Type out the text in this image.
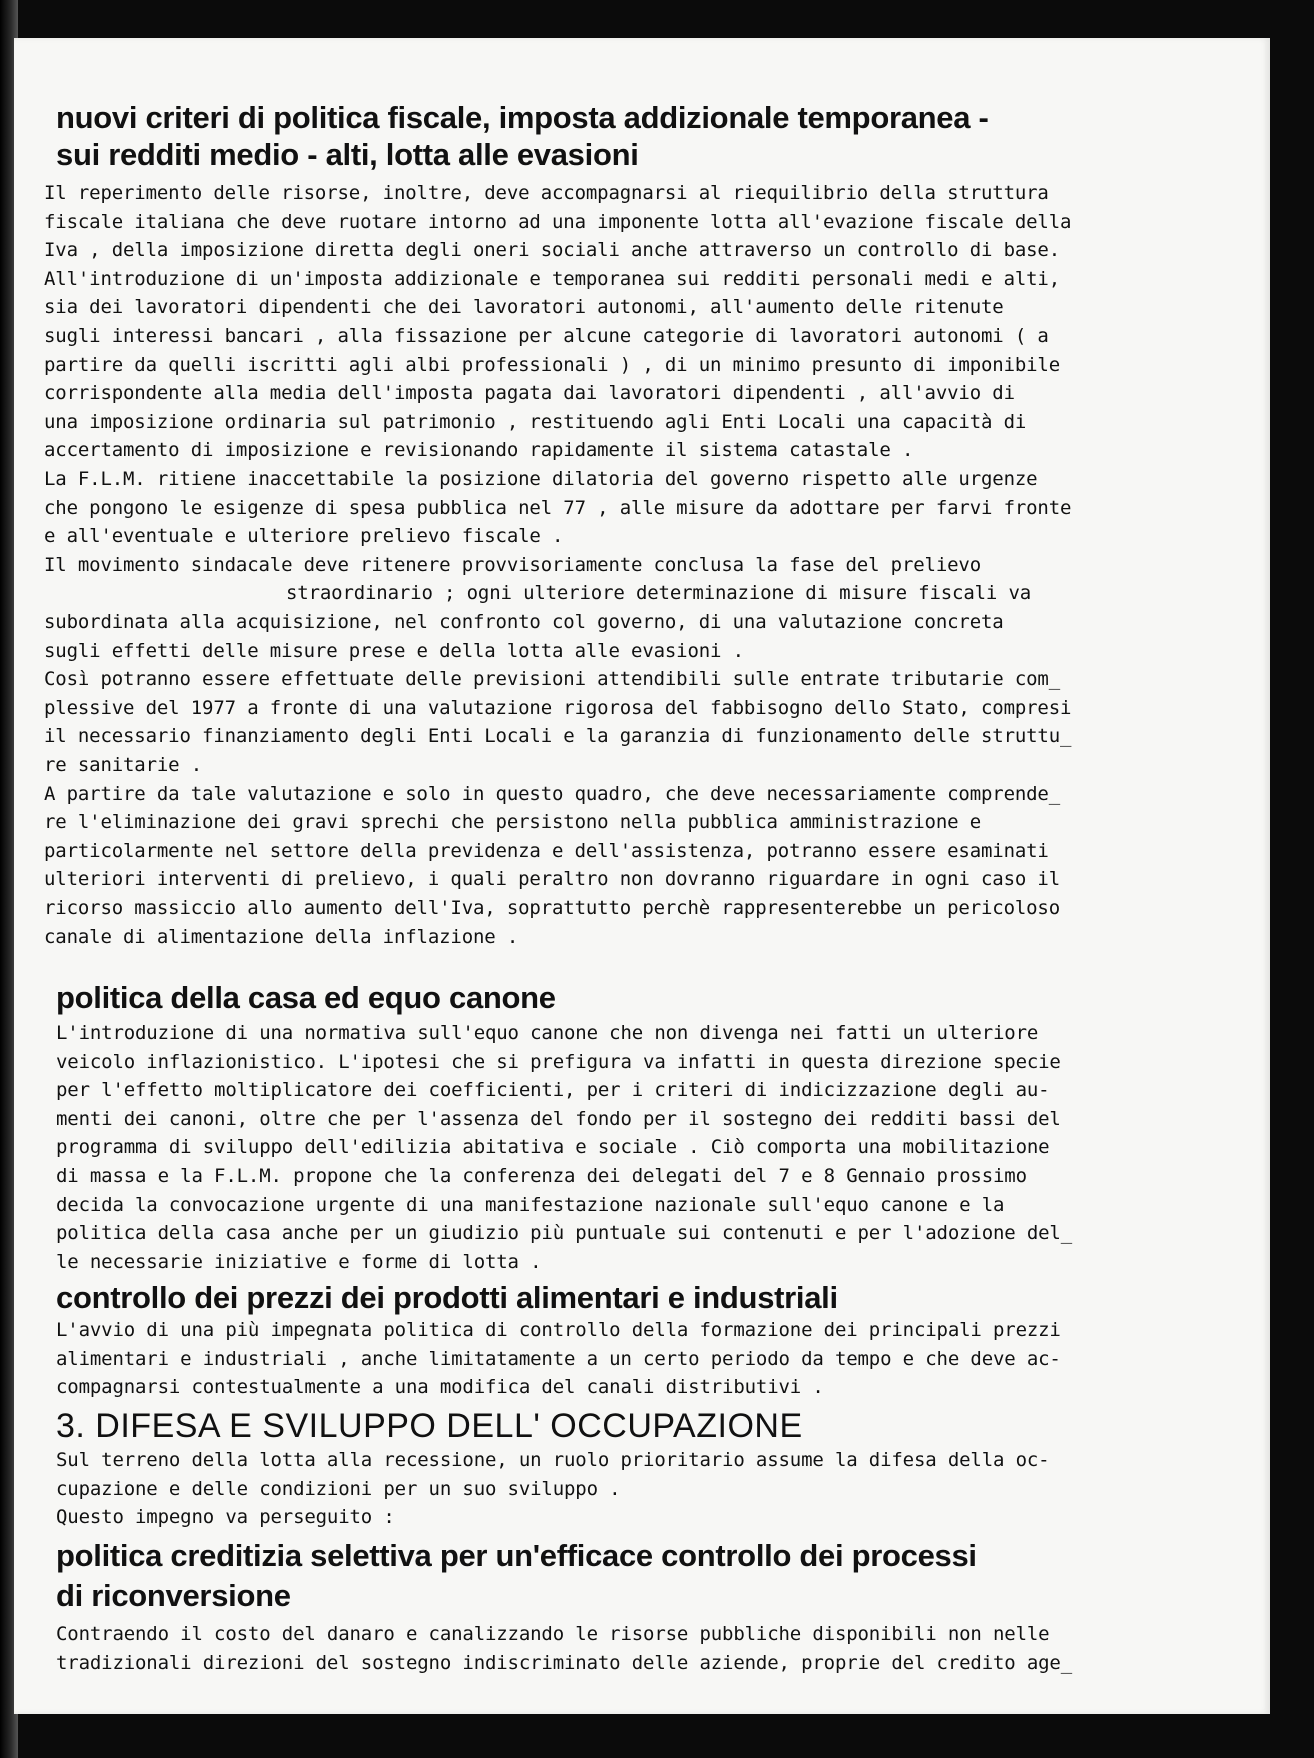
nuovi criteri di politica fiscale, imposta addizionale temporanea -
sui redditi medio - alti, lotta alle evasioni
Il reperimento delle risorse, inoltre, deve accompagnarsi al riequilibrio della struttura
fiscale italiana che deve ruotare intorno ad una imponente lotta all'evazione fiscale della
Iva , della imposizione diretta degli oneri sociali anche attraverso un controllo di base.
All'introduzione di un'imposta addizionale e temporanea sui redditi personali medi e alti,
sia dei lavoratori dipendenti che dei lavoratori autonomi, all'aumento delle ritenute
sugli interessi bancari , alla fissazione per alcune categorie di lavoratori autonomi ( a
partire da quelli iscritti agli albi professionali ) , di un minimo presunto di imponibile
corrispondente alla media dell'imposta pagata dai lavoratori dipendenti , all'avvio di
una imposizione ordinaria sul patrimonio , restituendo agli Enti Locali una capacità di
accertamento di imposizione e revisionando rapidamente il sistema catastale .
La F.L.M. ritiene inaccettabile la posizione dilatoria del governo rispetto alle urgenze
che pongono le esigenze di spesa pubblica nel 77 , alle misure da adottare per farvi fronte
e all'eventuale e ulteriore prelievo fiscale .
Il movimento sindacale deve ritenere provvisoriamente conclusa la fase del prelievo
straordinario ; ogni ulteriore determinazione di misure fiscali va
subordinata alla acquisizione, nel confronto col governo, di una valutazione concreta
sugli effetti delle misure prese e della lotta alle evasioni .
Così potranno essere effettuate delle previsioni attendibili sulle entrate tributarie com_
plessive del 1977 a fronte di una valutazione rigorosa del fabbisogno dello Stato, compresi
il necessario finanziamento degli Enti Locali e la garanzia di funzionamento delle struttu_
re sanitarie .
A partire da tale valutazione e solo in questo quadro, che deve necessariamente comprende_
re l'eliminazione dei gravi sprechi che persistono nella pubblica amministrazione e
particolarmente nel settore della previdenza e dell'assistenza, potranno essere esaminati
ulteriori interventi di prelievo, i quali peraltro non dovranno riguardare in ogni caso il
ricorso massiccio allo aumento dell'Iva, soprattutto perchè rappresenterebbe un pericoloso
canale di alimentazione della inflazione .
politica della casa ed equo canone
L'introduzione di una normativa sull'equo canone che non divenga nei fatti un ulteriore
veicolo inflazionistico. L'ipotesi che si prefigura va infatti in questa direzione specie
per l'effetto moltiplicatore dei coefficienti, per i criteri di indicizzazione degli au-
menti dei canoni, oltre che per l'assenza del fondo per il sostegno dei redditi bassi del
programma di sviluppo dell'edilizia abitativa e sociale . Ciò comporta una mobilitazione
di massa e la F.L.M. propone che la conferenza dei delegati del 7 e 8 Gennaio prossimo
decida la convocazione urgente di una manifestazione nazionale sull'equo canone e la
politica della casa anche per un giudizio più puntuale sui contenuti e per l'adozione del_
le necessarie iniziative e forme di lotta .
controllo dei prezzi dei prodotti alimentari e industriali
L'avvio di una più impegnata politica di controllo della formazione dei principali prezzi
alimentari e industriali , anche limitatamente a un certo periodo da tempo e che deve ac-
compagnarsi contestualmente a una modifica del canali distributivi .
3. DIFESA E SVILUPPO DELL' OCCUPAZIONE
Sul terreno della lotta alla recessione, un ruolo prioritario assume la difesa della oc-
cupazione e delle condizioni per un suo sviluppo .
Questo impegno va perseguito :
politica creditizia selettiva per un'efficace controllo dei processi
di riconversione
Contraendo il costo del danaro e canalizzando le risorse pubbliche disponibili non nelle
tradizionali direzioni del sostegno indiscriminato delle aziende, proprie del credito age_
